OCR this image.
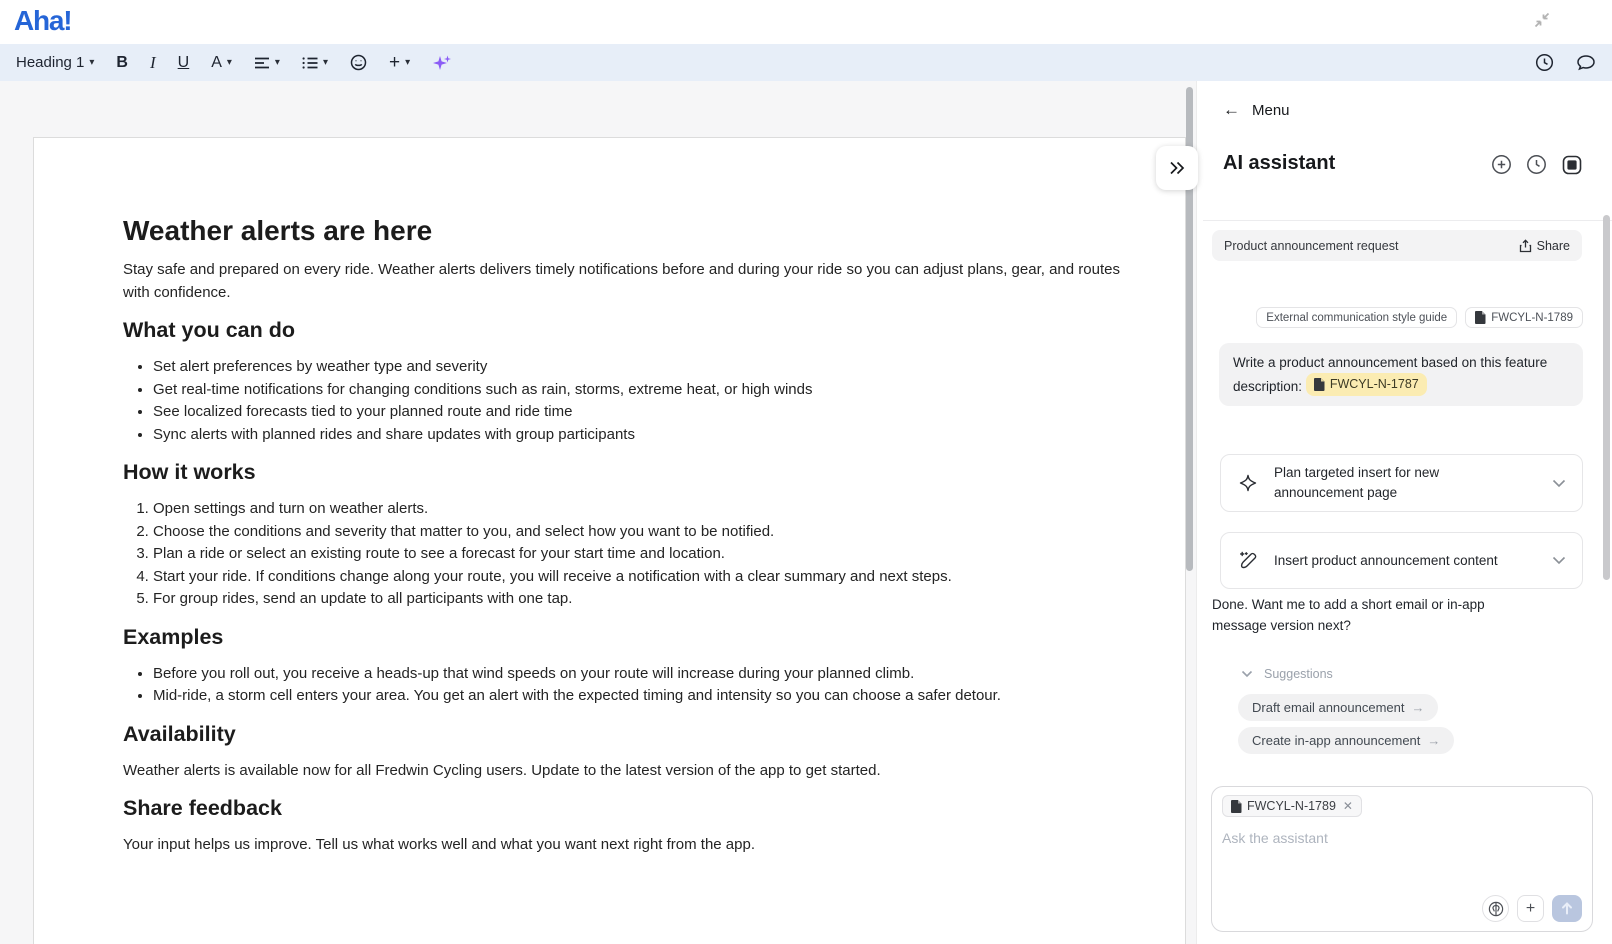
Aha!
Heading 1 ▾ B I U A ▾	▾	▾	+ ▾
Weather alerts are here

Stay safe and prepared on every ride. Weather alerts delivers timely notifications before and during your ride so you can adjust plans, gear, and routes with confidence.

What you can do
• Set alert preferences by weather type and severity
• Get real-time notifications for changing conditions such as rain, storms, extreme heat, or high winds
• See localized forecasts tied to your planned route and ride time
• Sync alerts with planned rides and share updates with group participants
How it works
1. Open settings and turn on weather alerts.
2. Choose the conditions and severity that matter to you, and select how you want to be notified.
3. Plan a ride or select an existing route to see a forecast for your start time and location.
4. Start your ride. If conditions change along your route, you will receive a notification with a clear summary and next steps.
5. For group rides, send an update to all participants with one tap.
Examples
• Before you roll out, you receive a heads-up that wind speeds on your route will increase during your planned climb.
• Mid-ride, a storm cell enters your area. You get an alert with the expected timing and intensity so you can choose a safer detour.
Availability

Weather alerts is available now for all Fredwin Cycling users. Update to the latest version of the app to get started.

Share feedback

Your input helps us improve. Tell us what works well and what you want next right from the app.

← Menu
AI assistant
Product announcement request	Share
External communication style guide	FWCYL-N-1789
Write a product announcement based on this feature description: FWCYL-N-1787
Plan targeted insert for new announcement page
Insert product announcement content
Done. Want me to add a short email or in-app message version next?
Suggestions
Draft email announcement →
Create in-app announcement →
FWCYL-N-1789 ✕
Ask the assistant
+
